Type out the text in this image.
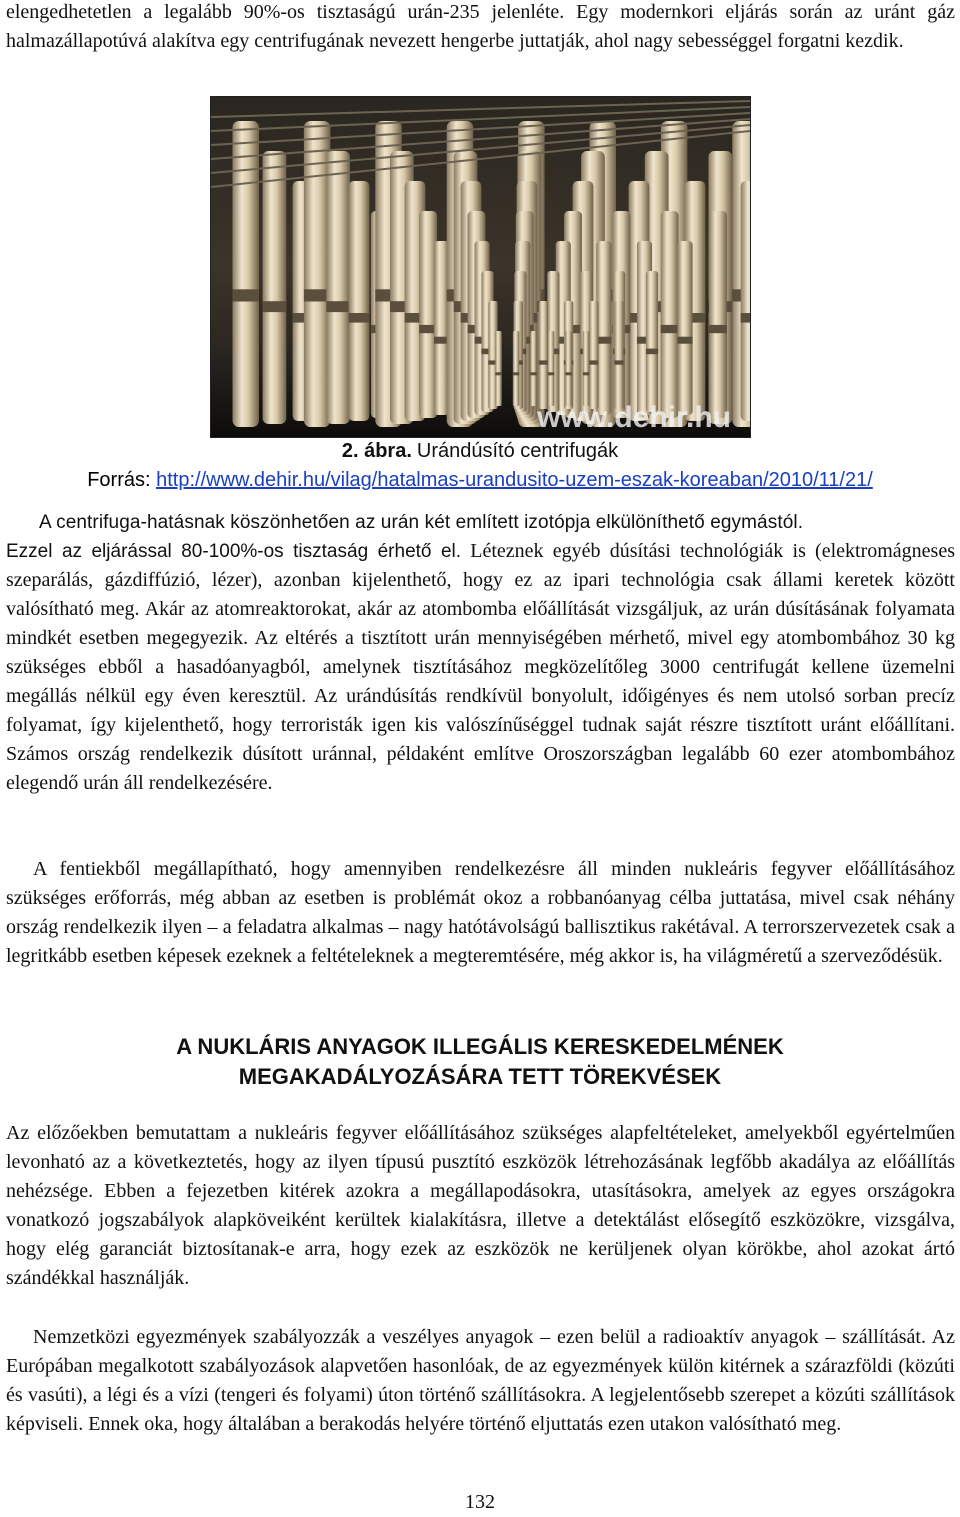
elengedhetetlen a legalább 90%-os tisztaságú urán-235 jelenléte. Egy modernkori eljárás során az uránt gáz halmazállapotúvá alakítva egy centrifugának nevezett hengerbe juttatják, ahol nagy sebességgel forgatni kezdik.

www.dehir.hu
2. ábra. Urándúsító centrifugák
Forrás: http://www.dehir.hu/vilag/hatalmas-urandusito-uzem-eszak-koreaban/2010/11/21/
A centrifuga-hatásnak köszönhetően az urán két említett izotópja elkülöníthető egymástól.
Ezzel az eljárással 80-100%-os tisztaság érhető el. Léteznek egyéb dúsítási technológiák is (elektromágneses szeparálás, gázdiffúzió, lézer), azonban kijelenthető, hogy ez az ipari technológia csak állami keretek között valósítható meg. Akár az atomreaktorokat, akár az atombomba előállítását vizsgáljuk, az urán dúsításának folyamata mindkét esetben megegyezik. Az eltérés a tisztított urán mennyiségében mérhető, mivel egy atombombához 30 kg szükséges ebből a hasadóanyagból, amelynek tisztításához megközelítőleg 3000 centrifugát kellene üzemelni megállás nélkül egy éven keresztül. Az urándúsítás rendkívül bonyolult, időigényes és nem utolsó sorban precíz folyamat, így kijelenthető, hogy terroristák igen kis valószínűséggel tudnak saját részre tisztított uránt előállítani. Számos ország rendelkezik dúsított uránnal, példaként említve Oroszországban legalább 60 ezer atombombához elegendő urán áll rendelkezésére.

A fentiekből megállapítható, hogy amennyiben rendelkezésre áll minden nukleáris fegyver előállításához szükséges erőforrás, még abban az esetben is problémát okoz a robbanóanyag célba juttatása, mivel csak néhány ország rendelkezik ilyen – a feladatra alkalmas – nagy hatótávolságú ballisztikus rakétával. A terrorszervezetek csak a legritkább esetben képesek ezeknek a feltételeknek a megteremtésére, még akkor is, ha világméretű a szerveződésük.

A NUKLÁRIS ANYAGOK ILLEGÁLIS KERESKEDELMÉNEK
MEGAKADÁLYOZÁSÁRA TETT TÖREKVÉSEK

Az előzőekben bemutattam a nukleáris fegyver előállításához szükséges alapfeltételeket, amelyekből egyértelműen levonható az a következtetés, hogy az ilyen típusú pusztító eszközök létrehozásának legfőbb akadálya az előállítás nehézsége. Ebben a fejezetben kitérek azokra a megállapodásokra, utasításokra, amelyek az egyes országokra vonatkozó jogszabályok alapköveiként kerültek kialakításra, illetve a detektálást elősegítő eszközökre, vizsgálva, hogy elég garanciát biztosítanak-e arra, hogy ezek az eszközök ne kerüljenek olyan körökbe, ahol azokat ártó szándékkal használják.

Nemzetközi egyezmények szabályozzák a veszélyes anyagok – ezen belül a radioaktív anyagok – szállítását. Az Európában megalkotott szabályozások alapvetően hasonlóak, de az egyezmények külön kitérnek a szárazföldi (közúti és vasúti), a légi és a vízi (tengeri és folyami) úton történő szállításokra. A legjelentősebb szerepet a közúti szállítások képviseli. Ennek oka, hogy általában a berakodás helyére történő eljuttatás ezen utakon valósítható meg.

132
